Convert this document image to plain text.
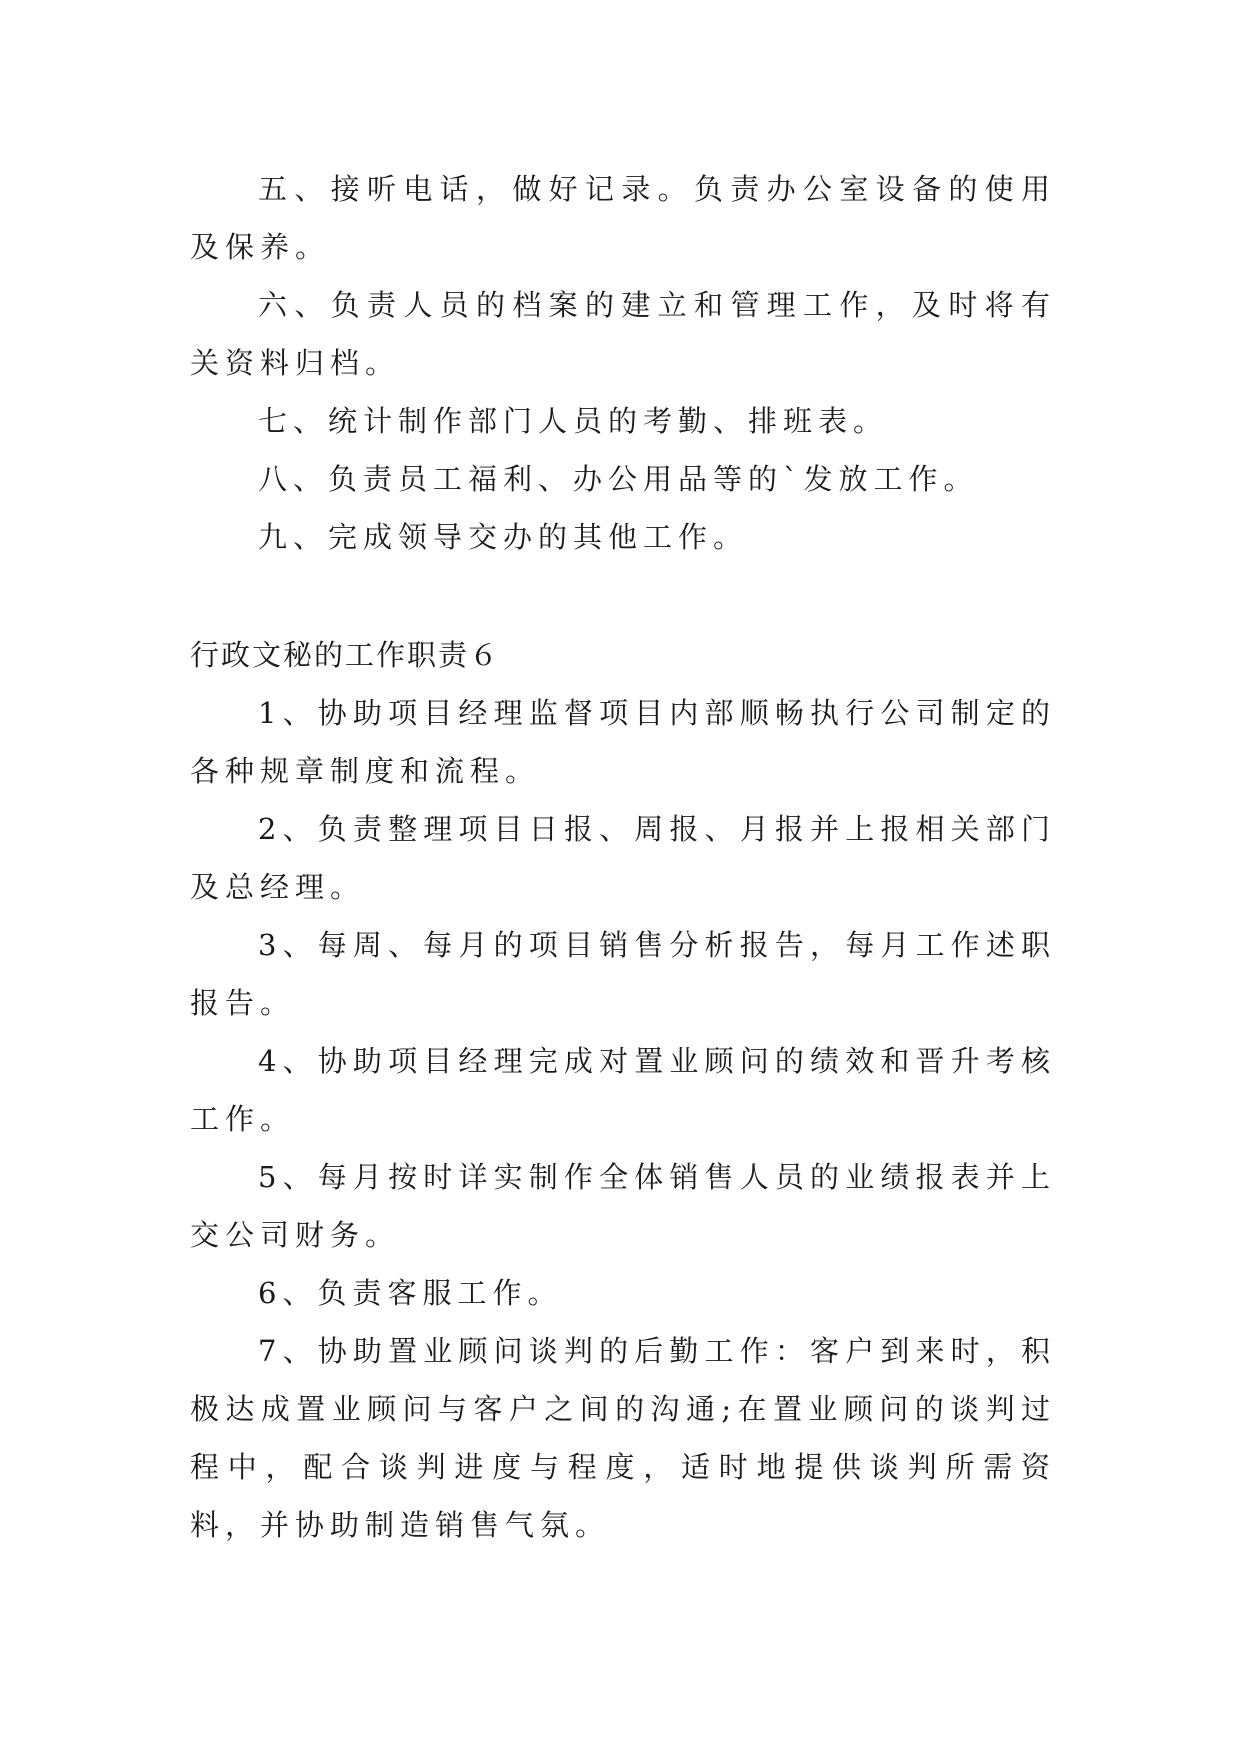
五、接听电话，做好记录。负责办公室设备的使用及保养。

六、负责人员的档案的建立和管理工作，及时将有关资料归档。

七、统计制作部门人员的考勤、排班表。

八、负责员工福利、办公用品等的`发放工作。

九、完成领导交办的其他工作。

行政文秘的工作职责６

1、协助项目经理监督项目内部顺畅执行公司制定的各种规章制度和流程。

2、负责整理项目日报、周报、月报并上报相关部门及总经理。

3、每周、每月的项目销售分析报告，每月工作述职报告。

4、协助项目经理完成对置业顾问的绩效和晋升考核工作。

5、每月按时详实制作全体销售人员的业绩报表并上交公司财务。

6、负责客服工作。

7、协助置业顾问谈判的后勤工作：客户到来时，积极达成置业顾问与客户之间的沟通;在置业顾问的谈判过程中，配合谈判进度与程度，适时地提供谈判所需资料，并协助制造销售气氛。
